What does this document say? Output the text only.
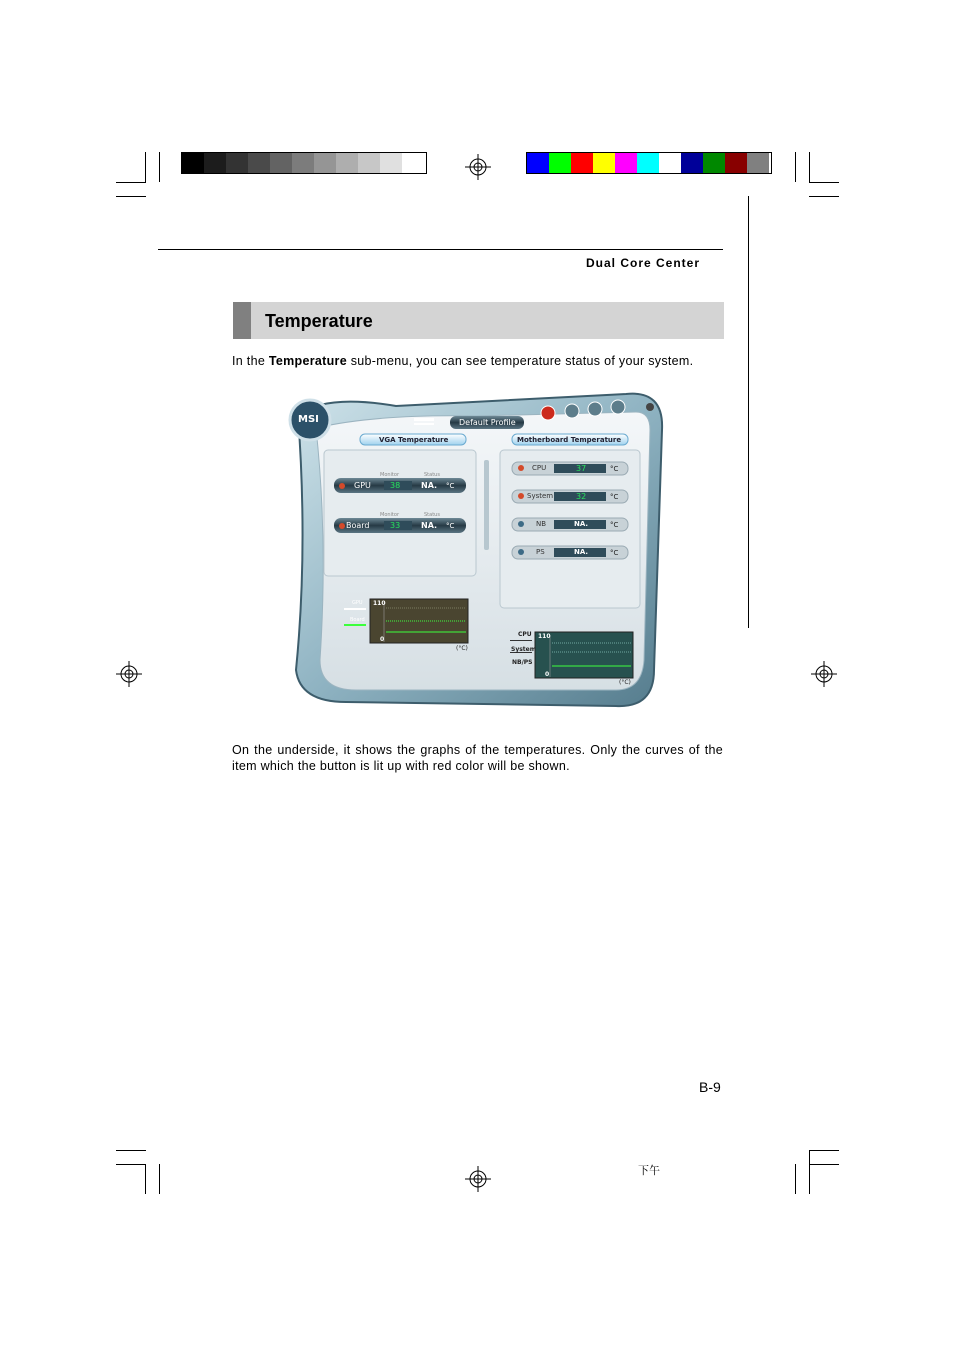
Dual Core Center
Temperature
In the Temperature sub-menu, you can see temperature status of your system.
MSI	Default Profile
VGA Temperature	Motherboard Temperature
Monitor	Status
Monitor	Status
GPU 38	NA. °C
Board	33	NA. °C
CPU	37	°C
System	32	°C
NB	NA.	°C
PS	NA.	°C
GPU
Board
110
0
(°C)
CPU
System
NB/PS
110
0
(°C)
On the underside, it shows the graphs of the temperatures. Only the curves of the item which the button is lit up with red color will be shown.
B-9
下午
